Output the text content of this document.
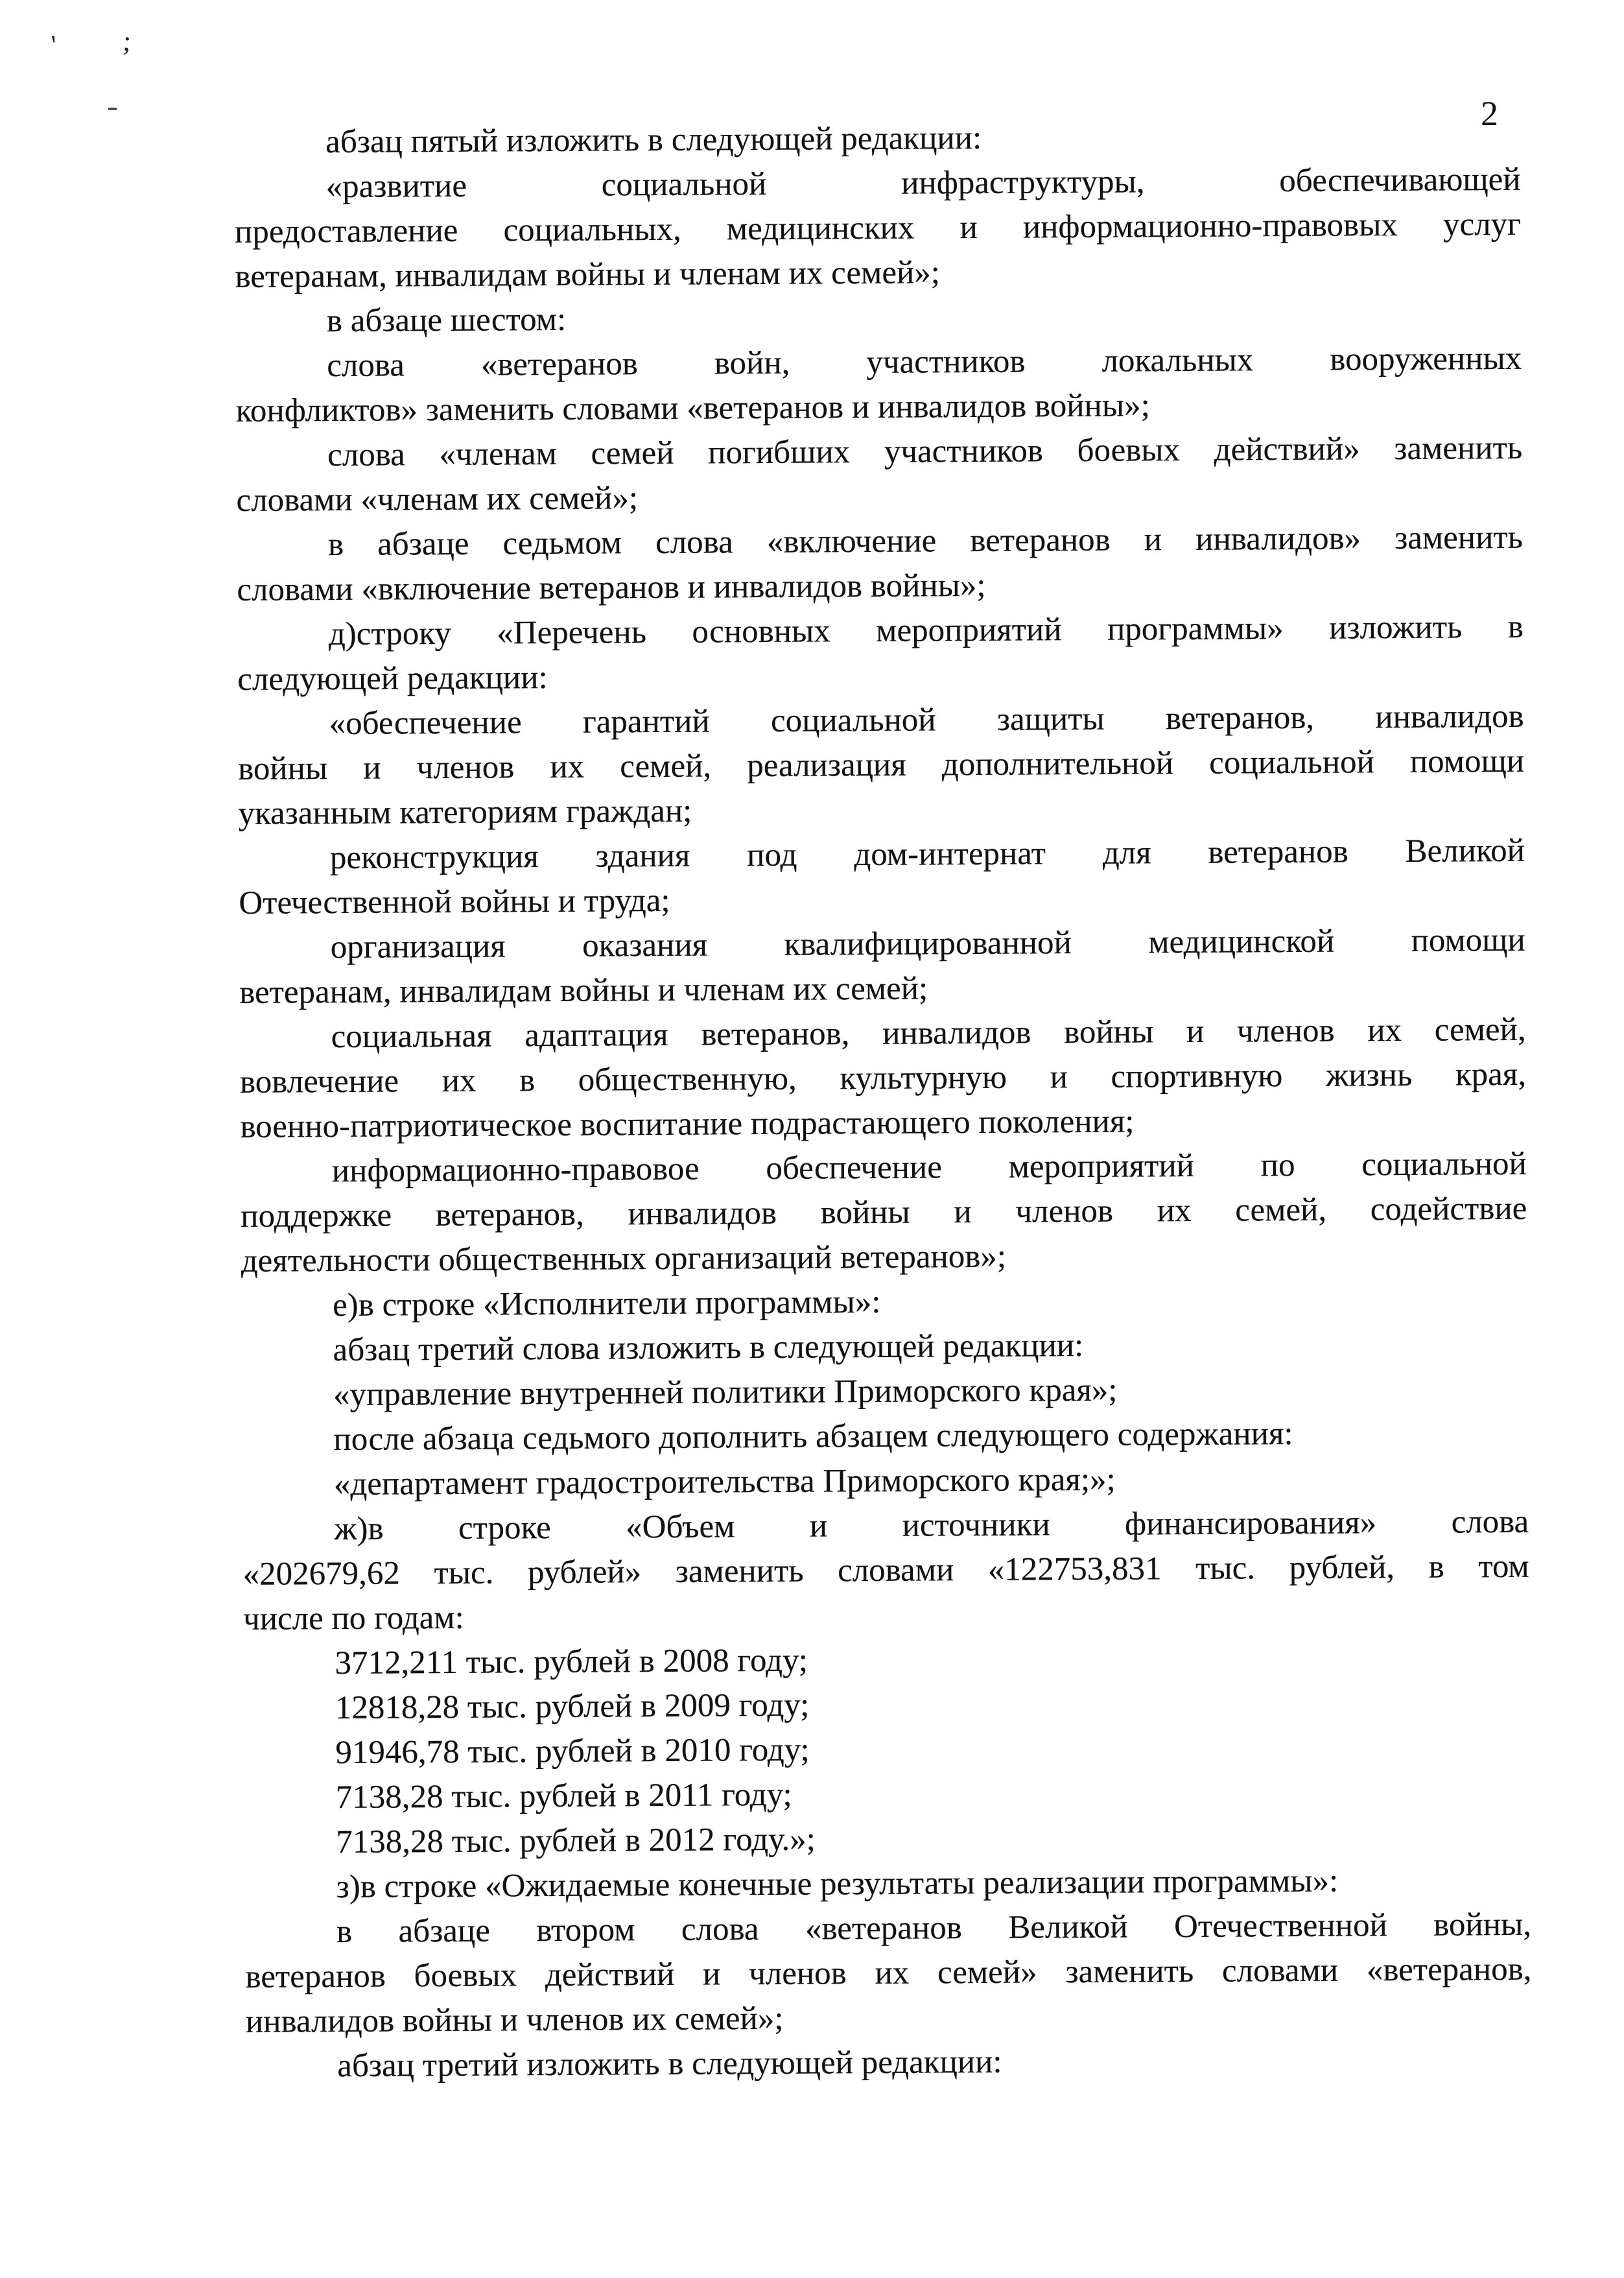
' ;
2
абзац пятый изложить в следующей редакции:
«развитие социальной инфраструктуры, обеспечивающей
предоставление социальных, медицинских и информационно-правовых услуг
ветеранам, инвалидам войны и членам их семей»;
в абзаце шестом:
слова «ветеранов войн, участников локальных вооруженных
конфликтов» заменить словами «ветеранов и инвалидов войны»;
слова «членам семей погибших участников боевых действий» заменить
словами «членам их семей»;
в абзаце седьмом слова «включение ветеранов и инвалидов» заменить
словами «включение ветеранов и инвалидов войны»;
д)строку «Перечень основных мероприятий программы» изложить в
следующей редакции:
«обеспечение гарантий социальной защиты ветеранов, инвалидов
войны и членов их семей, реализация дополнительной социальной помощи
указанным категориям граждан;
реконструкция здания под дом-интернат для ветеранов Великой
Отечественной войны и труда;
организация оказания квалифицированной медицинской помощи
ветеранам, инвалидам войны и членам их семей;
социальная адаптация ветеранов, инвалидов войны и членов их семей,
вовлечение их в общественную, культурную и спортивную жизнь края,
военно-патриотическое воспитание подрастающего поколения;
информационно-правовое обеспечение мероприятий по социальной
поддержке ветеранов, инвалидов войны и членов их семей, содействие
деятельности общественных организаций ветеранов»;
е)в строке «Исполнители программы»:
абзац третий слова изложить в следующей редакции:
«управление внутренней политики Приморского края»;
после абзаца седьмого дополнить абзацем следующего содержания:
«департамент градостроительства Приморского края;»;
ж)в строке «Объем и источники финансирования» слова
«202679,62 тыс. рублей» заменить словами «122753,831 тыс. рублей, в том
числе по годам:
3712,211 тыс. рублей в 2008 году;
12818,28 тыс. рублей в 2009 году;
91946,78 тыс. рублей в 2010 году;
7138,28 тыс. рублей в 2011 году;
7138,28 тыс. рублей в 2012 году.»;
з)в строке «Ожидаемые конечные результаты реализации программы»:
в абзаце втором слова «ветеранов Великой Отечественной войны,
ветеранов боевых действий и членов их семей» заменить словами «ветеранов,
инвалидов войны и членов их семей»;
абзац третий изложить в следующей редакции:
